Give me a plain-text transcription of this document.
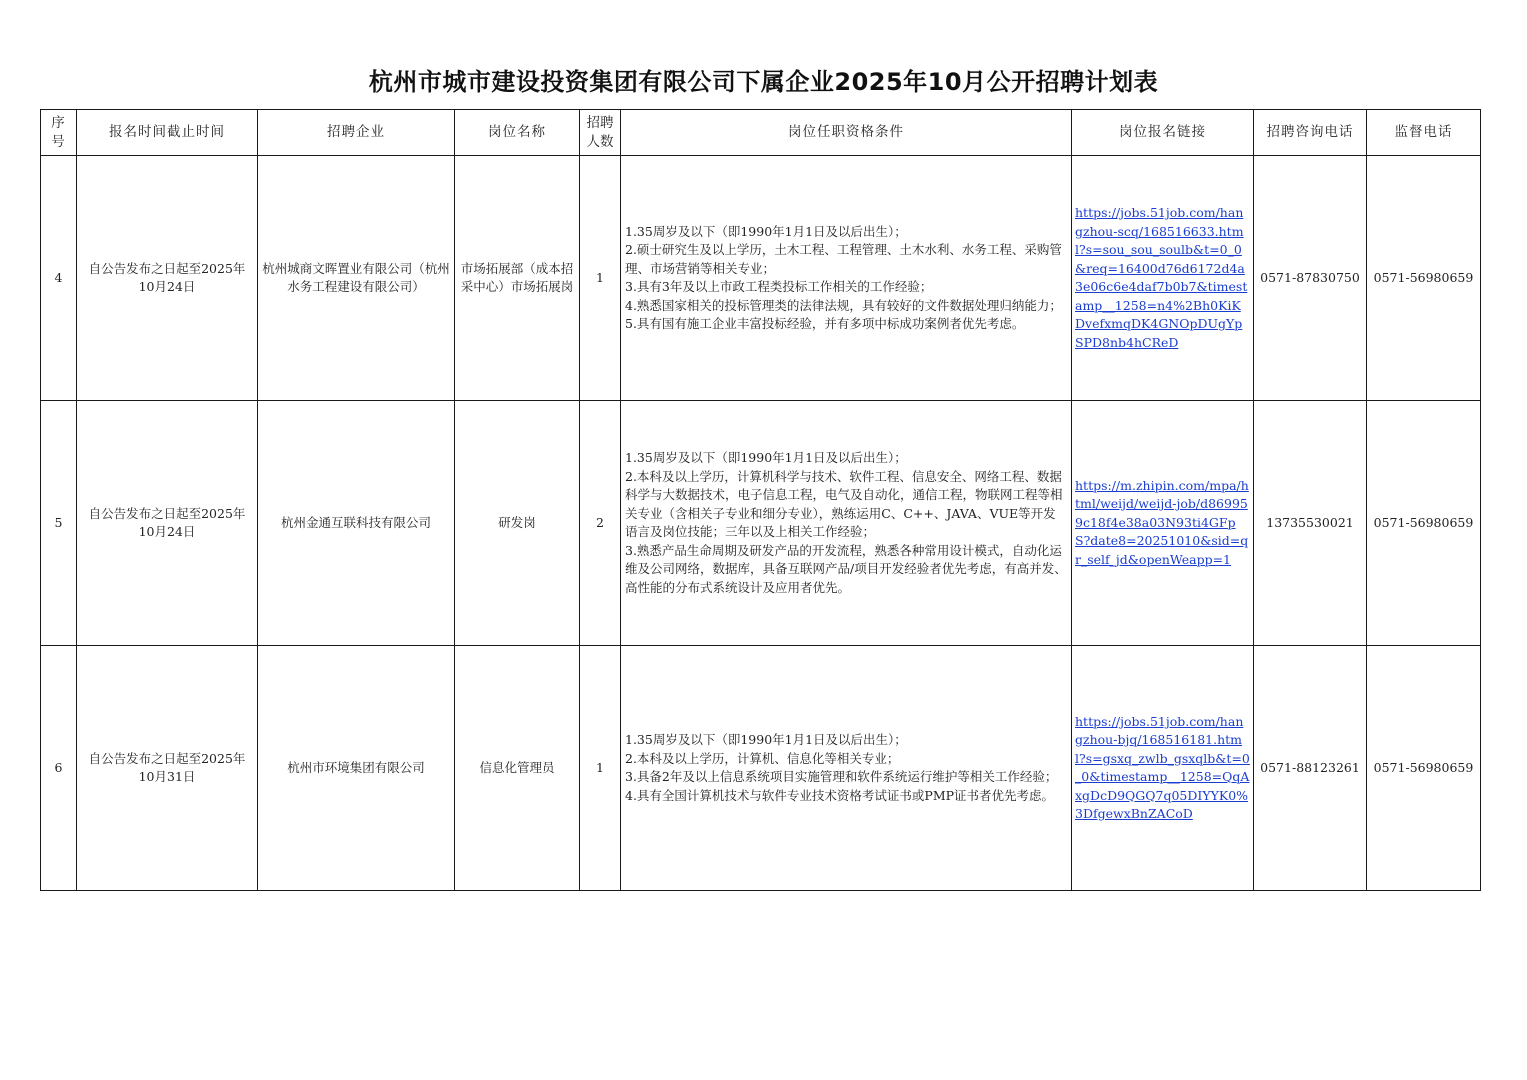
杭州市城市建设投资集团有限公司下属企业2025年10月公开招聘计划表
序号	报名时间截止时间	招聘企业	岗位名称	招聘人数	岗位任职资格条件	岗位报名链接	招聘咨询电话	监督电话
4	自公告发布之日起至2025年10月24日	杭州城商文晖置业有限公司（杭州水务工程建设有限公司）	市场拓展部（成本招采中心）市场拓展岗	1	1.35周岁及以下（即1990年1月1日及以后出生）；
2.硕士研究生及以上学历，土木工程、工程管理、土木水利、水务工程、采购管理、市场营销等相关专业；
3.具有3年及以上市政工程类投标工作相关的工作经验；
4.熟悉国家相关的投标管理类的法律法规，具有较好的文件数据处理归纳能力；
5.具有国有施工企业丰富投标经验，并有多项中标成功案例者优先考虑。	https://jobs.51job.com/hangzhou-scq/168516633.html?s=sou_sou_soulb&t=0_0&req=16400d76d6172d4a3e06c6e4daf7b0b7&timestamp__1258=n4%2Bh0KiKDvefxmqDK4GNOpDUgYpSPD8nb4hCReD	0571-87830750	0571-56980659
5	自公告发布之日起至2025年10月24日	杭州金通互联科技有限公司	研发岗	2	1.35周岁及以下（即1990年1月1日及以后出生）；
2.本科及以上学历，计算机科学与技术、软件工程、信息安全、网络工程、数据科学与大数据技术，电子信息工程，电气及自动化，通信工程，物联网工程等相关专业（含相关子专业和细分专业），熟练运用C、C++、JAVA、VUE等开发语言及岗位技能；三年以及上相关工作经验；
3.熟悉产品生命周期及研发产品的开发流程，熟悉各种常用设计模式，自动化运维及公司网络，数据库，具备互联网产品/项目开发经验者优先考虑，有高并发、高性能的分布式系统设计及应用者优先。	https://m.zhipin.com/mpa/html/weijd/weijd-job/d869959c18f4e38a03N93ti4GFpS?date8=20251010&sid=qr_self_jd&openWeapp=1	13735530021	0571-56980659
6	自公告发布之日起至2025年10月31日	杭州市环境集团有限公司	信息化管理员	1	1.35周岁及以下（即1990年1月1日及以后出生）；
2.本科及以上学历，计算机、信息化等相关专业；
3.具备2年及以上信息系统项目实施管理和软件系统运行维护等相关工作经验；
4.具有全国计算机技术与软件专业技术资格考试证书或PMP证书者优先考虑。	https://jobs.51job.com/hangzhou-bjq/168516181.html?s=gsxq_zwlb_gsxqlb&t=0_0&timestamp__1258=QqAxgDcD9QGQ7q05DIYYK0%3DfgewxBnZACoD	0571-88123261	0571-56980659
